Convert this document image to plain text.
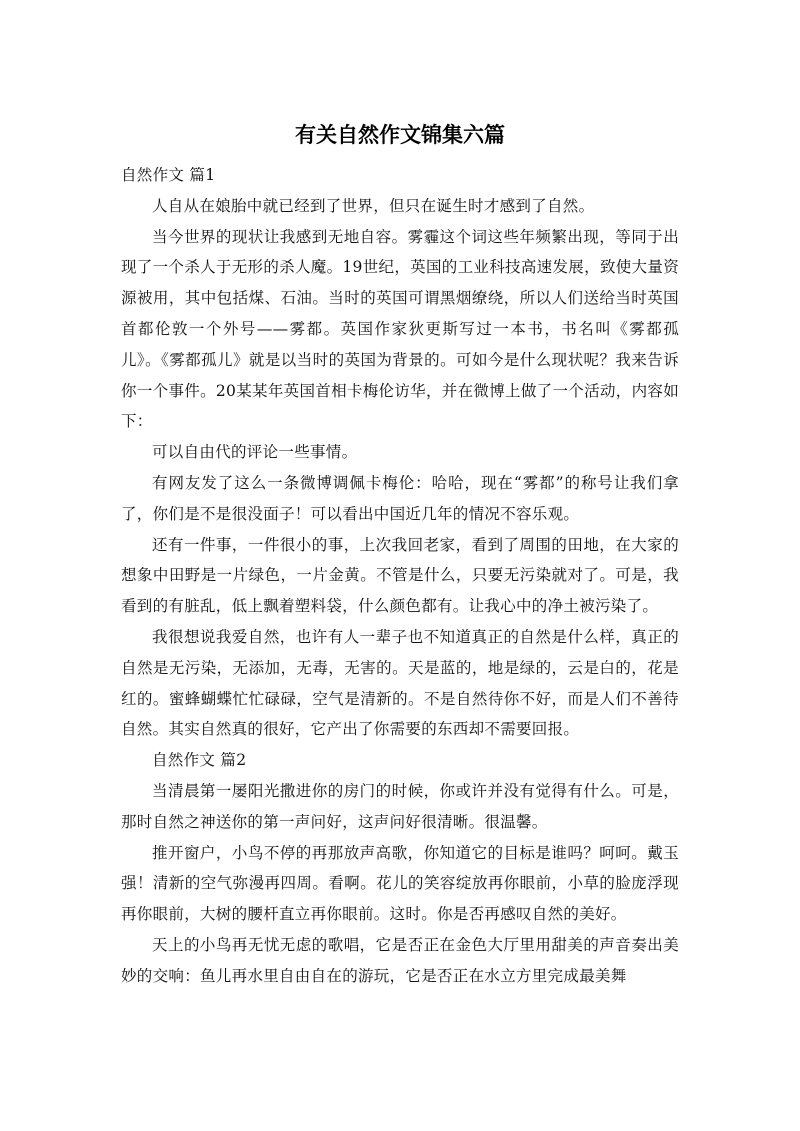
有关自然作文锦集六篇

自然作文 篇1

人自从在娘胎中就已经到了世界，但只在诞生时才感到了自然。

当今世界的现状让我感到无地自容。雾霾这个词这些年频繁出现，等同于出现了一个杀人于无形的杀人魔。19世纪，英国的工业科技高速发展，致使大量资源被用，其中包括煤、石油。当时的英国可谓黑烟缭绕，所以人们送给当时英国首都伦敦一个外号——雾都。英国作家狄更斯写过一本书，书名叫《雾都孤儿》。《雾都孤儿》就是以当时的英国为背景的。可如今是什么现状呢？我来告诉你一个事件。20某某年英国首相卡梅伦访华，并在微博上做了一个活动，内容如下：

可以自由代的评论一些事情。

有网友发了这么一条微博调佩卡梅伦：哈哈，现在“雾都”的称号让我们拿了，你们是不是很没面子！可以看出中国近几年的情况不容乐观。

还有一件事，一件很小的事，上次我回老家，看到了周围的田地，在大家的想象中田野是一片绿色，一片金黄。不管是什么，只要无污染就对了。可是，我看到的有脏乱，低上飘着塑料袋，什么颜色都有。让我心中的净土被污染了。

我很想说我爱自然，也许有人一辈子也不知道真正的自然是什么样，真正的自然是无污染，无添加，无毒，无害的。天是蓝的，地是绿的，云是白的，花是红的。蜜蜂蝴蝶忙忙碌碌，空气是清新的。不是自然待你不好，而是人们不善待自然。其实自然真的很好，它产出了你需要的东西却不需要回报。

自然作文 篇2

当清晨第一屡阳光撒进你的房门的时候，你或许并没有觉得有什么。可是，那时自然之神送你的第一声问好，这声问好很清晰。很温馨。

推开窗户，小鸟不停的再那放声高歌，你知道它的目标是谁吗？呵呵。戴玉强！清新的空气弥漫再四周。看啊。花儿的笑容绽放再你眼前，小草的脸庞浮现再你眼前，大树的腰杆直立再你眼前。这时。你是否再感叹自然的美好。

天上的小鸟再无忧无虑的歌唱，它是否正在金色大厅里用甜美的声音奏出美妙的交响：鱼儿再水里自由自在的游玩，它是否正在水立方里完成最美舞
